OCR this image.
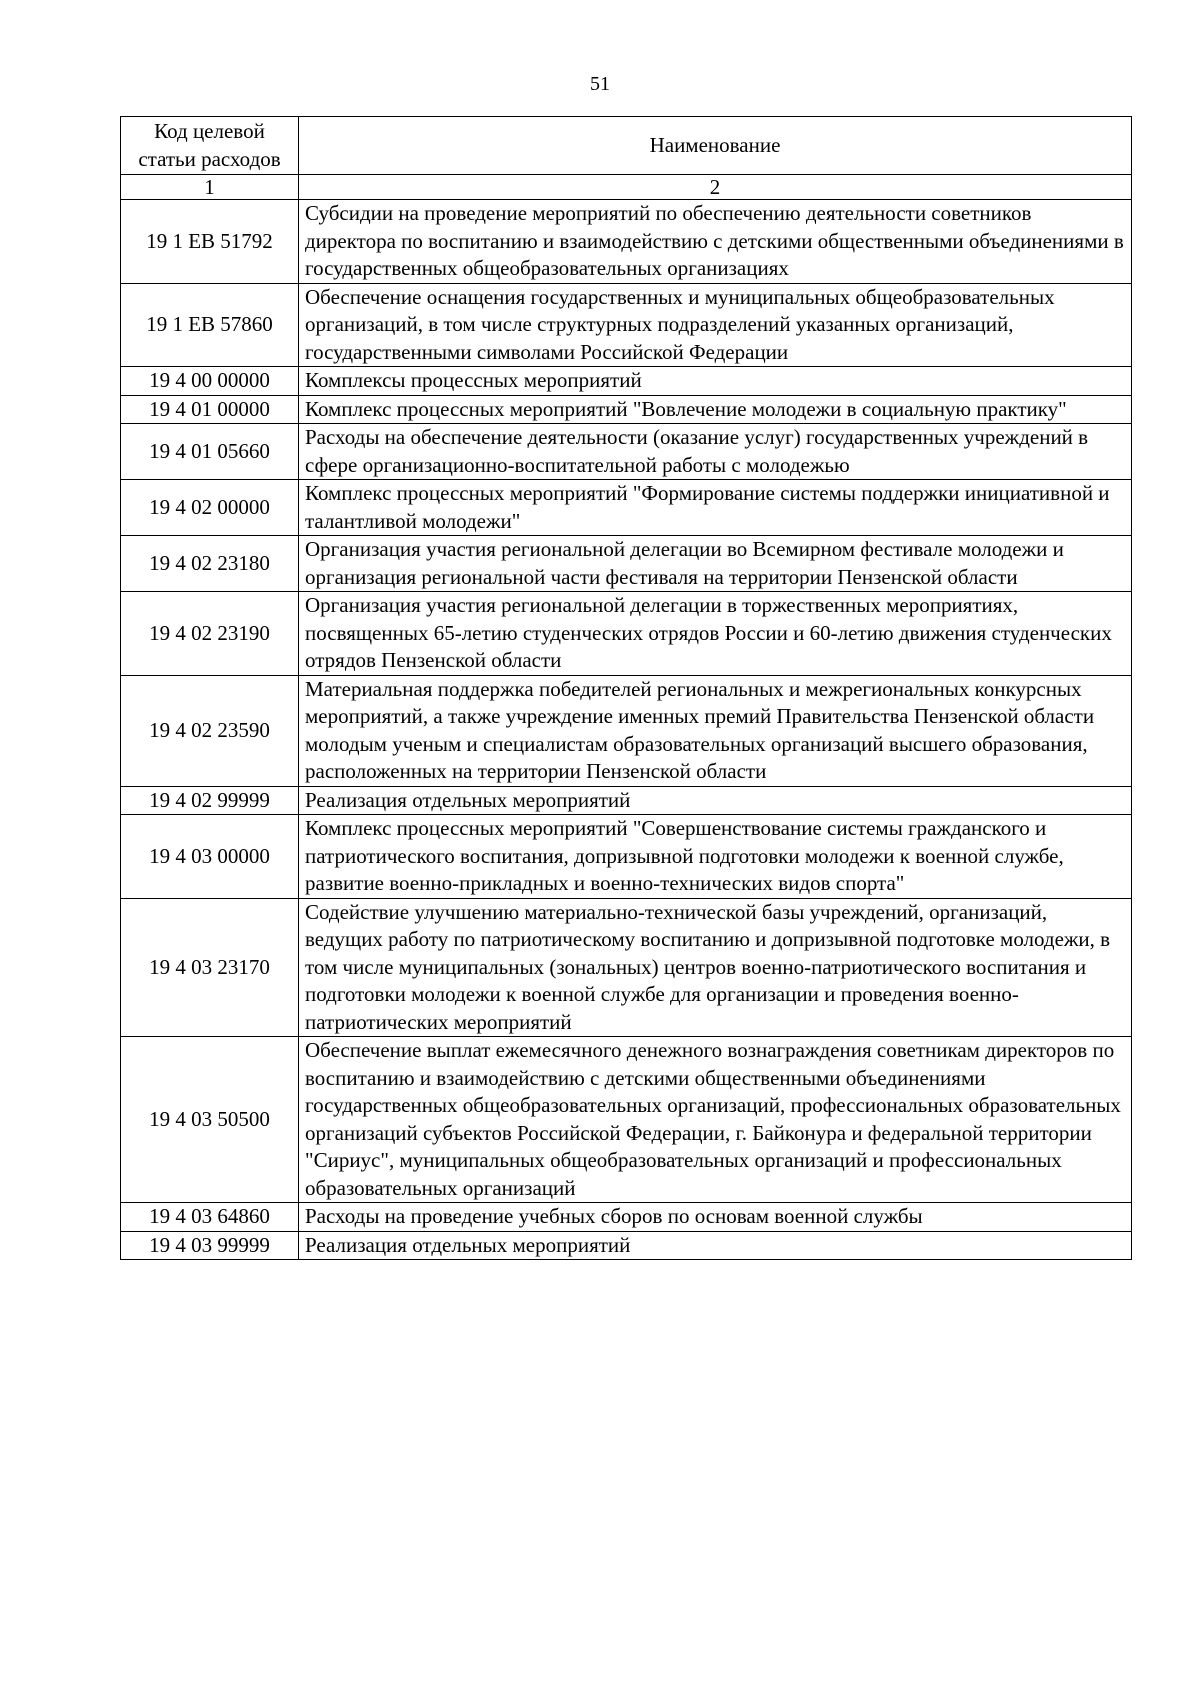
51
Код целевой статьи расходов	Наименование
1	2
19 1 ЕВ 51792	Субсидии на проведение мероприятий по обеспечению деятельности советников директора по воспитанию и взаимодействию с детскими общественными объединениями в государственных общеобразовательных организациях
19 1 ЕВ 57860	Обеспечение оснащения государственных и муниципальных общеобразовательных организаций, в том числе структурных подразделений указанных организаций, государственными символами Российской Федерации
19 4 00 00000	Комплексы процессных мероприятий
19 4 01 00000	Комплекс процессных мероприятий "Вовлечение молодежи в социальную практику"
19 4 01 05660	Расходы на обеспечение деятельности (оказание услуг) государственных учреждений в сфере организационно-воспитательной работы с молодежью
19 4 02 00000	Комплекс процессных мероприятий "Формирование системы поддержки инициативной и талантливой молодежи"
19 4 02 23180	Организация участия региональной делегации во Всемирном фестивале молодежи и организация региональной части фестиваля на территории Пензенской области
19 4 02 23190	Организация участия региональной делегации в торжественных мероприятиях, посвященных 65-летию студенческих отрядов России и 60-летию движения студенческих отрядов Пензенской области
19 4 02 23590	Материальная поддержка победителей региональных и межрегиональных конкурсных мероприятий, а также учреждение именных премий Правительства Пензенской области молодым ученым и специалистам образовательных организаций высшего образования, расположенных на территории Пензенской области
19 4 02 99999	Реализация отдельных мероприятий
19 4 03 00000	Комплекс процессных мероприятий "Совершенствование системы гражданского и патриотического воспитания, допризывной подготовки молодежи к военной службе, развитие военно-прикладных и военно-технических видов спорта"
19 4 03 23170	Содействие улучшению материально-технической базы учреждений, организаций, ведущих работу по патриотическому воспитанию и допризывной подготовке молодежи, в том числе муниципальных (зональных) центров военно-патриотического воспитания и подготовки молодежи к военной службе для организации и проведения военно-патриотических мероприятий
19 4 03 50500	Обеспечение выплат ежемесячного денежного вознаграждения советникам директоров по воспитанию и взаимодействию с детскими общественными объединениями государственных общеобразовательных организаций, профессиональных образовательных организаций субъектов Российской Федерации, г. Байконура и федеральной территории "Сириус", муниципальных общеобразовательных организаций и профессиональных образовательных организаций
19 4 03 64860	Расходы на проведение учебных сборов по основам военной службы
19 4 03 99999	Реализация отдельных мероприятий
